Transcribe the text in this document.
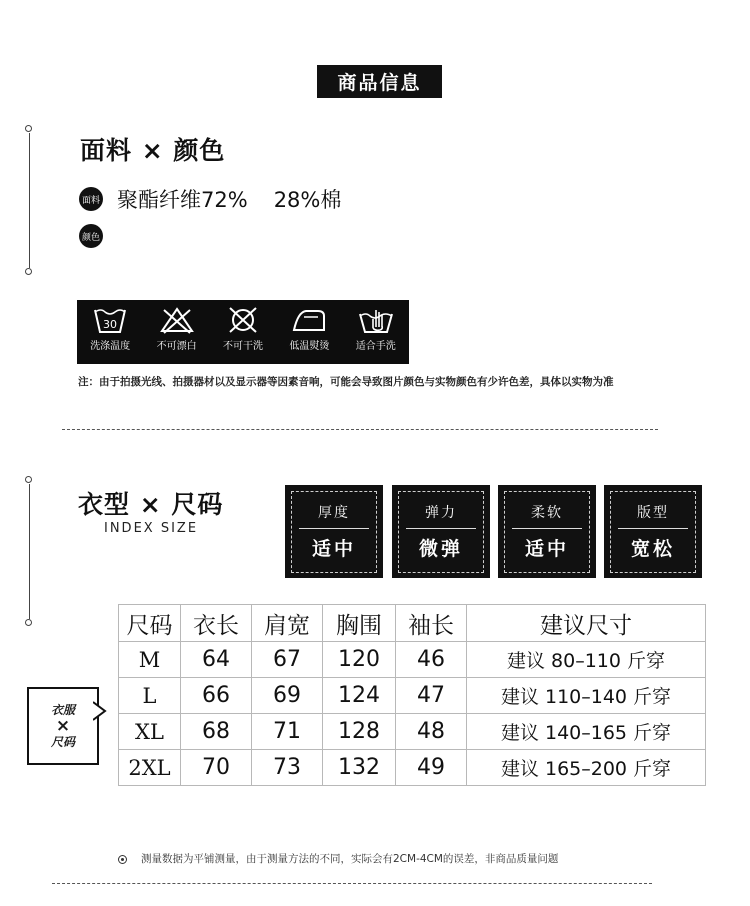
商品信息
面料 × 颜色
面料 聚酯纤维72% 28%棉
颜色
30
洗涤温度	不可漂白	不可干洗	低温熨烫	适合手洗
注：由于拍摄光线、拍摄器材以及显示器等因素音响，可能会导致图片颜色与实物颜色有少许色差，具体以实物为准
衣型 × 尺码
INDEX SIZE
厚度
适中
弹力
微弹
柔软
适中
版型
宽松
尺码	衣长	肩宽	胸围	袖长	建议尺寸
M	64	67	120	46	建议 80–110 斤穿
L	66	69	124	47	建议 110–140 斤穿
XL	68	71	128	48	建议 140–165 斤穿
2XL	70	73	132	49	建议 165–200 斤穿
衣服
×
尺码
测量数据为平铺测量，由于测量方法的不同，实际会有2CM-4CM的误差，非商品质量问题
